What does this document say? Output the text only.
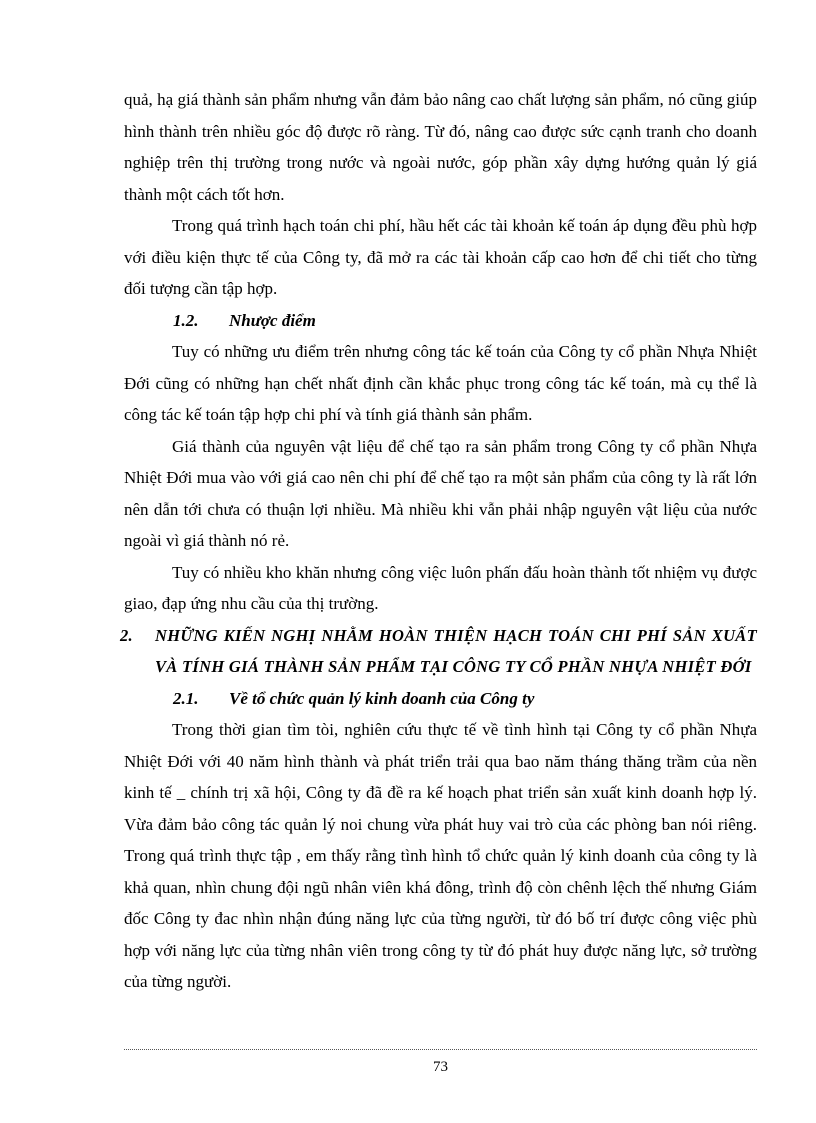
quả, hạ giá thành sản phẩm nhưng vẫn đảm bảo nâng cao chất lượng sản phẩm, nó cũng giúp hình thành trên nhiều góc độ được rõ ràng. Từ đó, nâng cao được sức cạnh tranh cho doanh nghiệp trên thị trường trong nước và ngoài nước, góp phần xây dựng hướng quản lý giá thành một cách tốt hơn.

Trong quá trình hạch toán chi phí, hầu hết các tài khoản kế toán áp dụng đều phù hợp với điều kiện thực tế của Công ty, đã mở ra các tài khoản cấp cao hơn để chi tiết cho từng đối tượng cần tập hợp.

1.2. Nhược điểm

Tuy có những ưu điểm trên nhưng công tác kế toán của Công ty cổ phần Nhựa Nhiệt Đới cũng có những hạn chết nhất định cần khắc phục trong công tác kế toán, mà cụ thể là công tác kế toán tập hợp chi phí và tính giá thành sản phẩm.

Giá thành của nguyên vật liệu để chế tạo ra sản phẩm trong Công ty cổ phần Nhựa Nhiệt Đới mua vào với giá cao nên chi phí để chế tạo ra một sản phẩm của công ty là rất lớn nên dẫn tới chưa có thuận lợi nhiều. Mà nhiều khi vẫn phải nhập nguyên vật liệu của nước ngoài vì giá thành nó rẻ.

Tuy có nhiều kho khăn nhưng công việc luôn phấn đấu hoàn thành tốt nhiệm vụ được giao, đạp ứng nhu cầu của thị trường.

2. NHỮNG KIẾN NGHỊ NHẰM HOÀN THIỆN HẠCH TOÁN CHI PHÍ SẢN XUẤT VÀ TÍNH GIÁ THÀNH SẢN PHẨM TẠI CÔNG TY CỔ PHẦN NHỰA NHIỆT ĐỚI
2.1. Về tổ chức quản lý kinh doanh của Công ty

Trong thời gian tìm tòi, nghiên cứu thực tế về tình hình tại Công ty cổ phần Nhựa Nhiệt Đới với 40 năm hình thành và phát triển trải qua bao năm tháng thăng trầm của nền kinh tế _ chính trị xã hội, Công ty đã đề ra kế hoạch phat triển sản xuất kinh doanh hợp lý. Vừa đảm bảo công tác quản lý noi chung vừa phát huy vai trò của các phòng ban nói riêng. Trong quá trình thực tập , em thấy rằng tình hình tổ chức quản lý kinh doanh của công ty là khả quan, nhìn chung đội ngũ nhân viên khá đông, trình độ còn chênh lệch thế nhưng Giám đốc Công ty đac nhìn nhận đúng năng lực của từng người, từ đó bố trí được công việc phù hợp với năng lực của từng nhân viên trong công ty từ đó phát huy được năng lực, sở trường của từng người.

73
